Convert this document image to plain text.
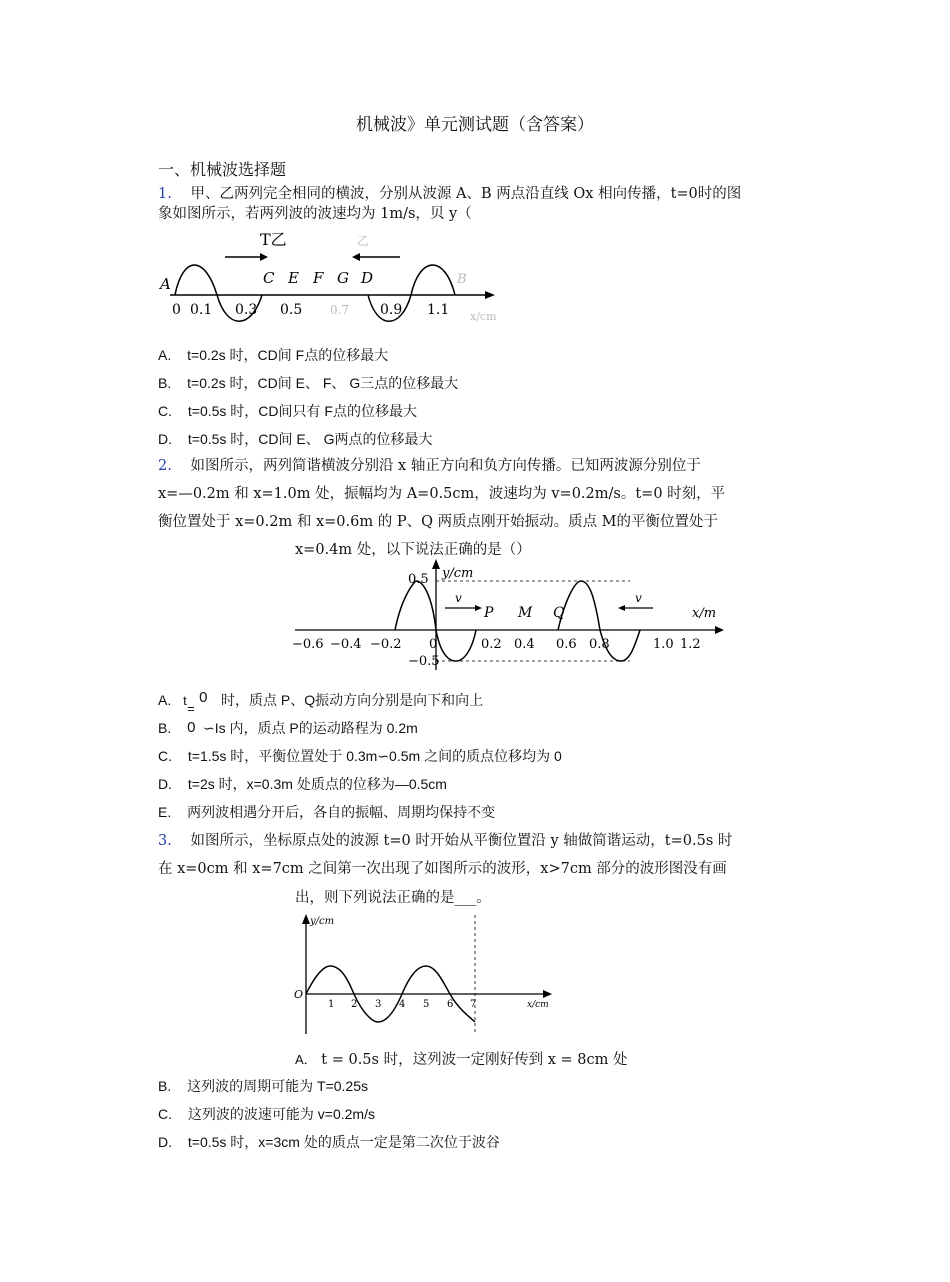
机械波》单元测试题（含答案）
一、机械波选择题
1. 甲、乙两列完全相同的横波，分别从波源 A、B 两点沿直线 Ox 相向传播，t=0时的图
象如图所示，若两列波的波速均为 1m/s，贝 y（
T乙	乙
A	C E F G D	B
0 0.1 0.3 0.5 0.7 0.9 1.1 x/cm
A. t=0.2s 时，CD间 F点的位移最大
B. t=0.2s 时，CD间 E、 F、 G三点的位移最大
C. t=0.5s 时，CD间只有 F点的位移最大
D. t=0.5s 时，CD间 E、 G两点的位移最大
2. 如图所示，两列简谐横波分别沿 x 轴正方向和负方向传播。已知两波源分别位于
x=—0.2m 和 x=1.0m 处，振幅均为 A=0.5cm，波速均为 v=0.2m/s。t=0 时刻，平
衡位置处于 x=0.2m 和 x=0.6m 的 P、Q 两质点刚开始振动。质点 M的平衡位置处于
x=0.4m 处，以下说法正确的是（）
y/cm
0.5
−0.5
x/m
v	v
P M Q
−0.6 −0.4 −0.2 0	0.2 0.4 0.6 0.8	1.0 1.2
A. t
=
0 时，质点 P、Q振动方向分别是向下和向上
B. 0 ∽Is 内，质点 P的运动路程为 0.2m
C. t=1.5s 时，平衡位置处于 0.3m∽0.5m 之间的质点位移均为 0
D. t=2s 时，x=0.3m 处质点的位移为—0.5cm
E. 两列波相遇分开后，各自的振幅、周期均保持不变
3. 如图所示，坐标原点处的波源 t=0 时开始从平衡位置沿 y 轴做简谐运动，t=0.5s 时
在 x=0cm 和 x=7cm 之间第一次出现了如图所示的波形，x>7cm 部分的波形图没有画
出，则下列说法正确的是___。
y/cm
O
x/cm
1 2 3 4 5 6 7
A． t = 0.5s 时，这列波一定刚好传到 x = 8cm 处
B. 这列波的周期可能为 T=0.25s
C. 这列波的波速可能为 v=0.2m/s
D. t=0.5s 时，x=3cm 处的质点一定是第二次位于波谷
